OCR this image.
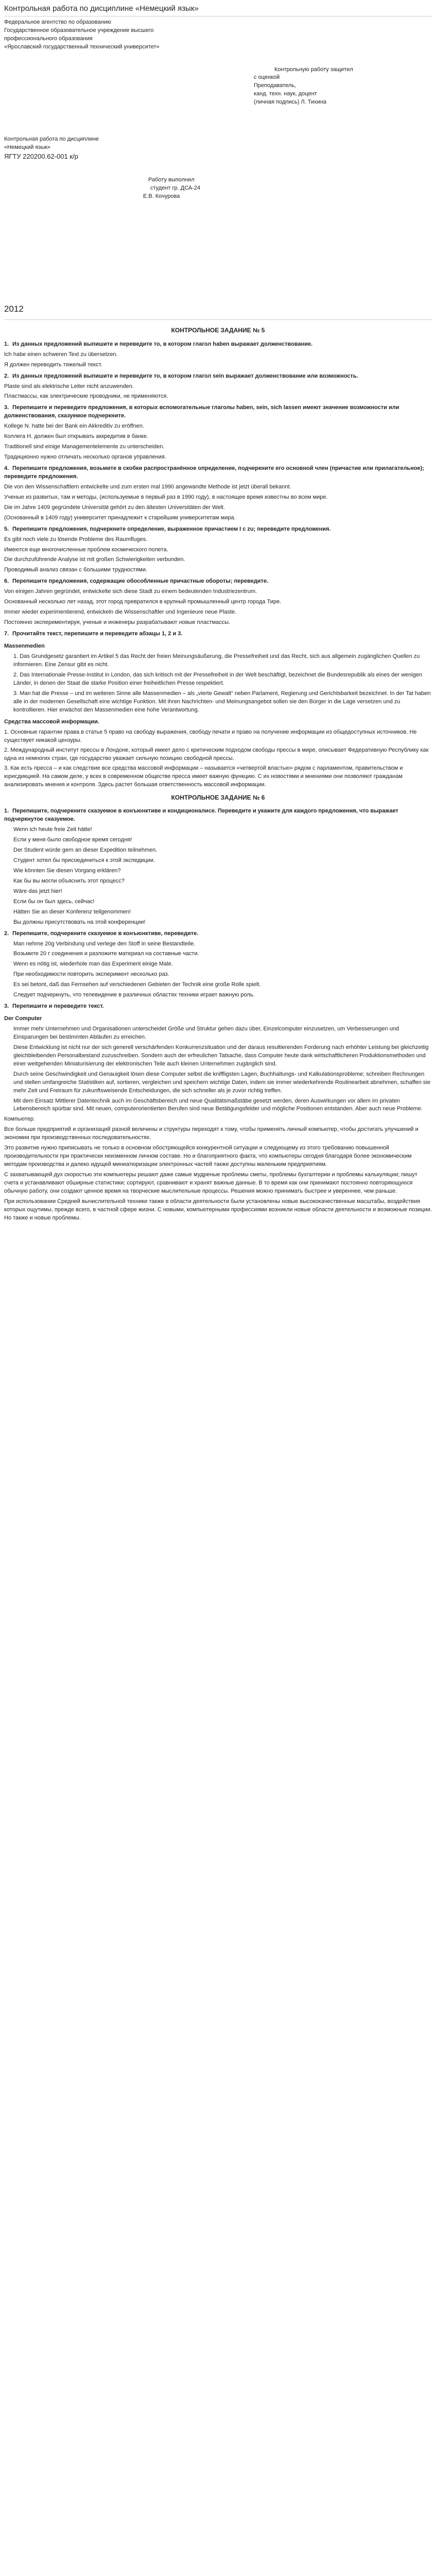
Контрольная работа по дисциплине «Немецкий язык»

Федеральное агентство по образованию

Государственное образовательное учреждение высшего

профессионального образования

«Ярославский государственный технический университет»

Контрольную работу защитил

с оценкой

Преподаватель,

канд. техн. наук, доцент

(личная подпись) Л. Тихина

Контрольная работа по дисциплине

«Немецкий язык»

ЯГТУ 220200.62-001 к/р

Работу выполнил

студент гр. ДСА-24

Е.В. Кочурова

2012
КОНТРОЛЬНОЕ ЗАДАНИЕ № 5
1. Из данных предложений выпишите и переведите то, в котором глагол haben выражает долженствование.

Ich habe einen schweren Text zu übersetzen.

Я должен переводить тяжелый текст.

2. Из данных предложений выпишите и переведите то, в котором глагол sein выражает долженствование или возможность.

Plaste sind als elektrische Leiter nicht anzuwenden.

Пластмассы, как электрические проводники, не применяются.

3. Перепишите и переведите предложения, в которых вспомогательные глаголы haben, sein, sich lassen имеют значение возможности или долженствования, сказуемое подчеркните.

Kollege N. hatte bei der Bank ein Akkreditiv zu eröffnen.

Коллега Н. должен был открывать аккредитив в банке.

Traditionell sind einige Managementelemente zu unterscheiden.

Традиционно нужно отличать несколько органов управления.

4. Перепишите предложения, возьмите в скобки распространённое определение, подчеркните его основной член (причастие или прилагательное); переведите предложения.

Die von den Wissenschaftlern entwickelte und zum ersten mal 1990 angewandte Methode ist jetzt überall bekannt.

Ученые из развитых, там и методы, (используемые в первый раз в 1990 году), в настоящее время известны во всем мире.

Die im Jahre 1409 gegründete Universität gehört zu den ältesten Universitäten der Welt.

(Основанный в 1409 году) университет принадлежит к старейшим университетам мира.

5. Перепишите предложения, подчеркните определение, выраженное причастием I с zu; переведите предложения.

Es gibt noch viele zu lösende Probleme des Raumfluges.

Имеются еще многочисленные проблем космического полета.

Die durchzuführende Analyse ist mit großen Schwierigkeiten verbunden.

Проводимый анализ связан с большими трудностями.

6. Перепишите предложения, содержащие обособленные причастные обороты; переведите.

Von einigen Jahren gegründet, entwickelte sich diese Stadt zu einem bedeutenden Industriezentrum.

Основанный несколько лет назад, этот город превратился в крупный промышленный центр города Тире.

Immer wieder experimentierend, entwickeln die Wissenschaftler und Ingenieure neue Plaste.

Постоянно экспериментируя, ученые и инженеры разрабатывают новые пластмассы.

7. Прочитайте текст, перепишите и переведите абзацы 1, 2 и 3.
Massenmedien

1. Das Grundgesetz garantiert im Artikel 5 das Recht der freien Meinungsäußerung, die Pressefreiheit und das Recht, sich aus allgemein zugänglichen Quellen zu informieren. Eine Zensur gibt es nicht.

2. Das Internationale Presse-Institut in London, das sich kritisch mit der Pressefreiheit in der Welt beschäftigt, bezeichnet die Bundesrepublik als eines der wenigen Länder, in denen der Staat die starke Position einer freiheitlichen Presse respektiert.

3. Man hat die Presse – und im weiteren Sinne alle Massenmedien – als „vierte Gewalt“ neben Parlament, Regierung und Gerichtsbarkeit bezeichnet. In der Tat haben alle in der modernen Gesellschaft eine wichtige Funktion. Mit ihren Nachrichten- und Meinungsangebot sollen sie den Bürger in die Lage versetzen und zu kontrollieren. Hier erwächst den Massenmedien eine hohe Verantwortung.

Средства массовой информации.

1. Основные гарантии права в статье 5 право на свободу выражения, свободу печати и право на получение информации из общедоступных источников. Не существует никакой цензуры.

2. Международный институт прессы в Лондоне, который имеет дело с критическим подходом свободы прессы в мире, описывает Федеративную Республику как одна из немногих стран, где государство уважает сильную позицию свободной прессы.

3. Как есть пресса – и как следствие все средства массовой информации – называется «четвертой властью» рядом с парламентом, правительством и юрисдикцией. На самом деле, у всех в современном обществе пресса имеет важную функцию. С их новостями и мнениями они позволяют гражданам анализировать мнения и контроля. Здесь растет большая ответственность массовой информации.

КОНТРОЛЬНОЕ ЗАДАНИЕ № 6
1. Перепишите, подчеркните сказуемое в конъюнктиве и кондиционалисе. Переведите и укажите для каждого предложения, что выражает подчеркнутое сказуемое.

Wenn ich heute freie Zeit hätte!

Если у меня было свободное время сегодня!

Der Student würde gern an dieser Expedition teilnehmen.

Студент хотел бы присоединиться к этой экспедиции.

Wie könnten Sie diesen Vorgang erklären?

Как бы вы могли объяснить этот процесс?

Wäre das jetzt hier!

Если бы он был здесь, сейчас!

Hätten Sie an dieser Konferenz teilgenommen!

Вы должны присутствовать на этой конференции!

2. Перепишите, подчеркните сказуемое в конъюнктиве, переведите.

Man nehme 20g Verbindung und verlege den Stoff in seine Bestandteile.

Возьмите 20 г соединения и разложите материал на составные части.

Wenn es nötig ist, wiederhole man das Experiment einige Male.

При необходимости повторить эксперимент несколько раз.

Es sei betont, daß das Fernsehen auf verschiedenen Gebieten der Technik eine große Rolle spielt.

Следует подчеркнуть, что телевидение в различных областях техники играет важную роль.

3. Перепишите и переведите текст.
Der Computer

Immer mehr Unternehmen und Organisationen unterscheidet Größe und Struktur gehen dazu über, Einzelcomputer einzusetzen, um Verbesserungen und Einsparungen bei bestimmten Abläufen zu erreichen.

Diese Entwicklung ist nicht nur der sich generell verschärfenden Konkurrenzsituation und der daraus resultierenden Forderung nach erhöhter Leistung bei gleichzeitig gleichbleibenden Personalbestand zuzuschreiben. Sondern auch der erfreulichen Tatsache, dass Computer heute dank wirtschaftlicheren Produktionsmethoden und einer weitgehenden Miniaturisierung der elektronischen Teile auch kleinen Unternehmen zugänglich sind.

Durch seine Geschwindigkeit und Genauigkeit lösen diese Computer selbst die kniffligsten Lagen, Buchhaltungs- und Kalkulationsprobleme; schreiben Rechnungen und stellen umfangreiche Statistiken auf, sortieren, vergleichen und speichern wichtige Daten, indem sie immer wiederkehrende Routinearbeit abnehmen, schaffen sie mehr Zeit und Freiraum für zukunftsweisende Entscheidungen, die sich schneller als je zuvor richtig treffen.

Mit dem Einsatz Mittlerer Datentechnik auch im Geschäftsbereich und neue Qualitätsmaßstäbe gesetzt werden, deren Auswirkungen vor allem im privaten Lebensbereich spürbar sind. Mit neuen, computerorientierten Berufen sind neue Betätigungsfelder und mögliche Positionen entstanden. Aber auch neue Probleme.

Компьютер.

Все больше предприятий и организаций разной величины и структуры переходят к тому, чтобы применять личный компьютер, чтобы достигать улучшений и экономии при производственных последовательностях.

Это развитие нужно приписывать не только в основном обостряющейся конкурентной ситуации и следующему из этого требованию повышенной производительности при практически неизменном личном составе. Но и благоприятного факта, что компьютеры сегодня благодаря более экономическим методам производства и далеко идущей миниатюризации электронных частей также доступны маленьким предприятиям.

С захватывающей дух скоростью эти компьютеры решают даже самые мудреные проблемы сметы, проблемы бухгалтерии и проблемы калькуляции; пишут счета и устанавливают обширные статистики; сортируют, сравнивают и хранят важные данные. В то время как они принимают постоянно повторяющуюся обычную работу, они создают ценное время на творческие мыслительные процессы. Решения можно принимать быстрее и увереннее, чем раньше.

При использовании Средней вычислительной техники также в области деятельности были установлены новые высококачественные масштабы, воздействия которых ощутимы, прежде всего, в частной сфере жизни. С новыми, компьютерными профессиями возникли новые области деятельности и возможные позиции. Но также и новые проблемы.
